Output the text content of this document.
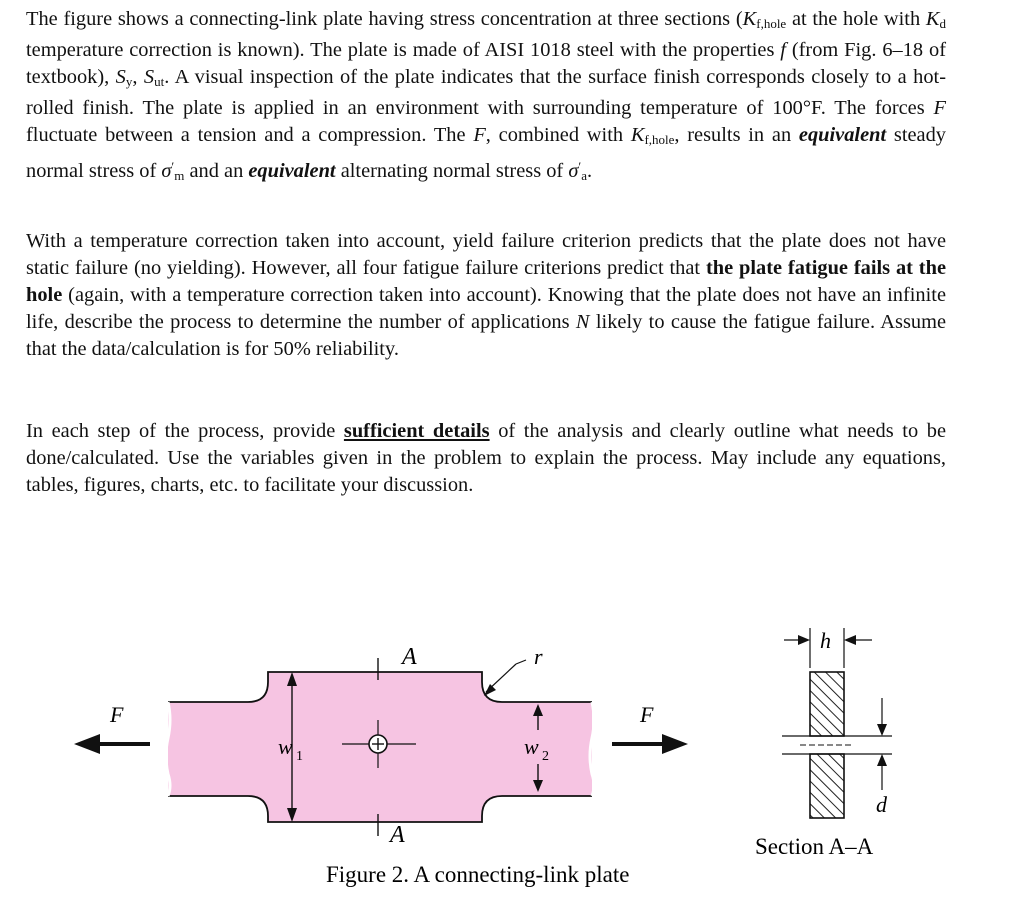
The figure shows a connecting-link plate having stress concentration at three sections ($K_{f,hole}$ at the hole with $K_d$ temperature correction is known). The plate is made of AISI 1018 steel with the properties f (from Fig. 6–18 of textbook), $S_y$, $S_{ut}$. A visual inspection of the plate indicates that the surface finish corresponds closely to a hot-rolled finish. The plate is applied in an environment with surrounding temperature of 100°F. The forces F fluctuate between a tension and a compression. The F, combined with $K_{f,hole}$, results in an equivalent steady normal stress of $\sigma'_m$ and an equivalent alternating normal stress of $\sigma'_a$.
With a temperature correction taken into account, yield failure criterion predicts that the plate does not have static failure (no yielding). However, all four fatigue failure criterions predict that the plate fatigue fails at the hole (again, with a temperature correction taken into account). Knowing that the plate does not have an infinite life, describe the process to determine the number of applications N likely to cause the fatigue failure. Assume that the data/calculation is for 50% reliability.
In each step of the process, provide sufficient details of the analysis and clearly outline what needs to be done/calculated. Use the variables given in the problem to explain the process. May include any equations, tables, figures, charts, etc. to facilitate your discussion.
A
A
w 1	w 2
r
F	F
h
d
Section A–A
Figure 2. A connecting-link plate
